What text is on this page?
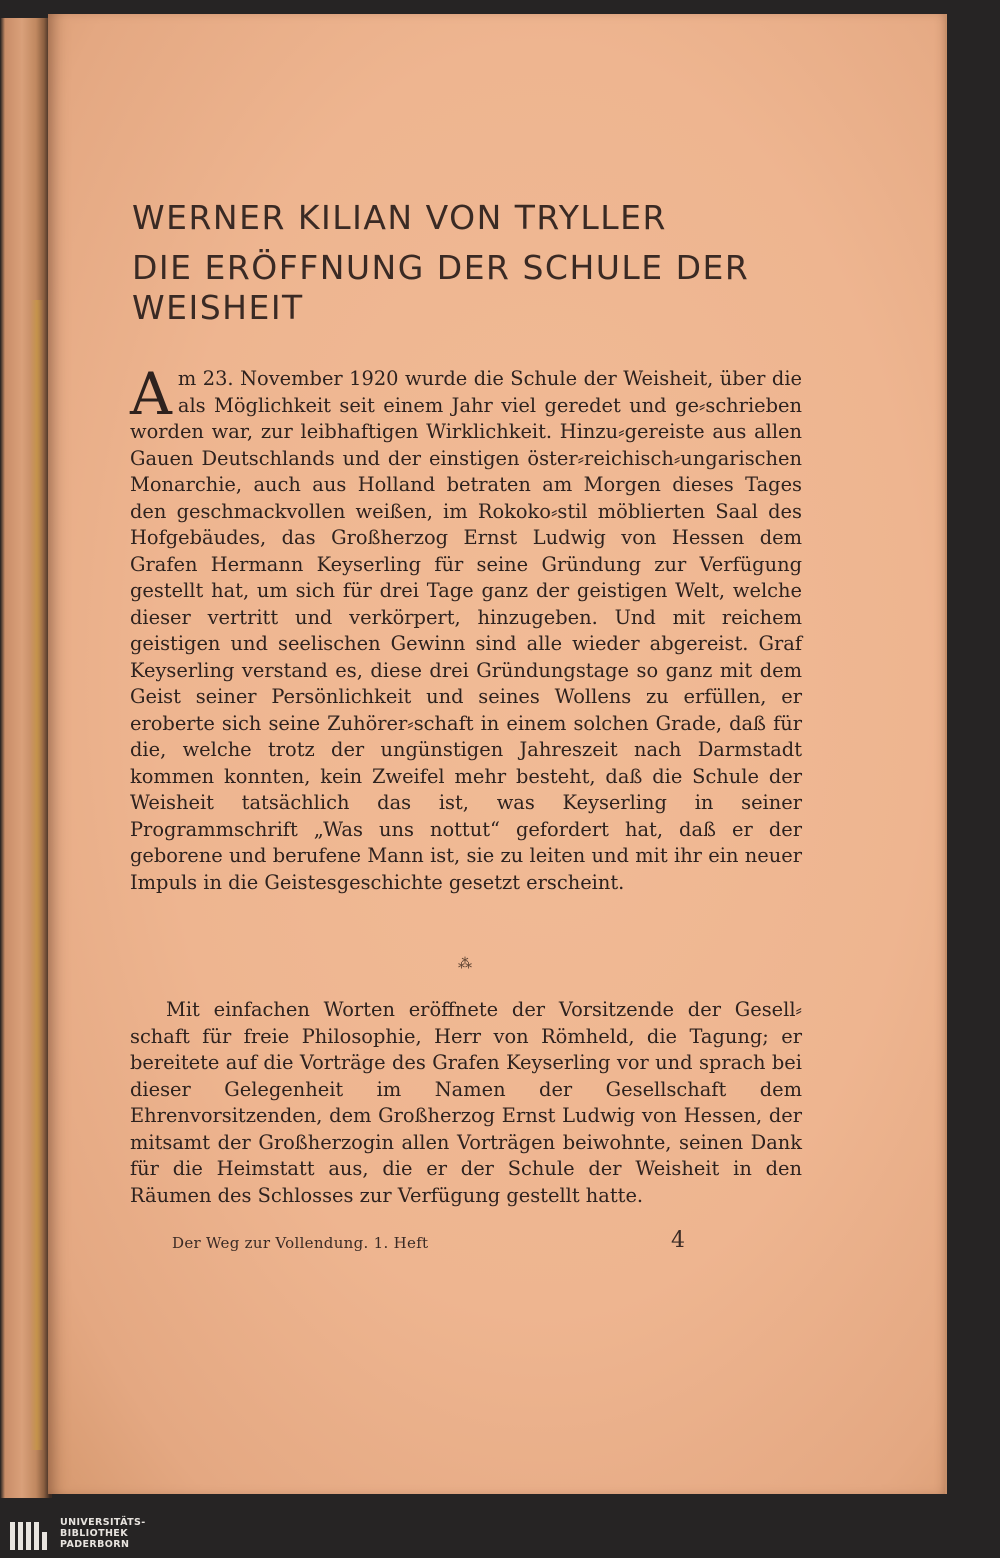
WERNER KILIAN VON TRYLLER
DIE ERÖFFNUNG DER SCHULE DER
WEISHEIT

Am 23. November 1920 wurde die Schule der Weisheit, über die als Möglichkeit seit einem Jahr viel geredet und ge⸗schrieben worden war, zur leibhaftigen Wirklichkeit. Hinzu⸗gereiste aus allen Gauen Deutschlands und der einstigen öster⸗reichisch⸗ungarischen Monarchie, auch aus Holland betraten am Morgen dieses Tages den geschmackvollen weißen, im Rokoko⸗stil möblierten Saal des Hofgebäudes, das Großherzog Ernst Ludwig von Hessen dem Grafen Hermann Keyserling für seine Gründung zur Verfügung gestellt hat, um sich für drei Tage ganz der geistigen Welt, welche dieser vertritt und verkörpert, hinzugeben. Und mit reichem geistigen und seelischen Gewinn sind alle wieder abgereist. Graf Keyserling verstand es, diese drei Gründungstage so ganz mit dem Geist seiner Persönlichkeit und seines Wollens zu erfüllen, er eroberte sich seine Zuhörer⸗schaft in einem solchen Grade, daß für die, welche trotz der ungünstigen Jahreszeit nach Darmstadt kommen konnten, kein Zweifel mehr besteht, daß die Schule der Weisheit tatsächlich das ist, was Keyserling in seiner Programmschrift „Was uns nottut“ gefordert hat, daß er der geborene und berufene Mann ist, sie zu leiten und mit ihr ein neuer Impuls in die Geistesgeschichte gesetzt erscheint.

⁂

Mit einfachen Worten eröffnete der Vorsitzende der Gesell⸗schaft für freie Philosophie, Herr von Römheld, die Tagung; er bereitete auf die Vorträge des Grafen Keyserling vor und sprach bei dieser Gelegenheit im Namen der Gesellschaft dem Ehrenvorsitzenden, dem Großherzog Ernst Ludwig von Hessen, der mitsamt der Großherzogin allen Vorträgen beiwohnte, seinen Dank für die Heimstatt aus, die er der Schule der Weisheit in den Räumen des Schlosses zur Verfügung gestellt hatte.

Der Weg zur Vollendung. 1. Heft	4
UNIVERSITÄTS-
BIBLIOTHEK
PADERBORN
